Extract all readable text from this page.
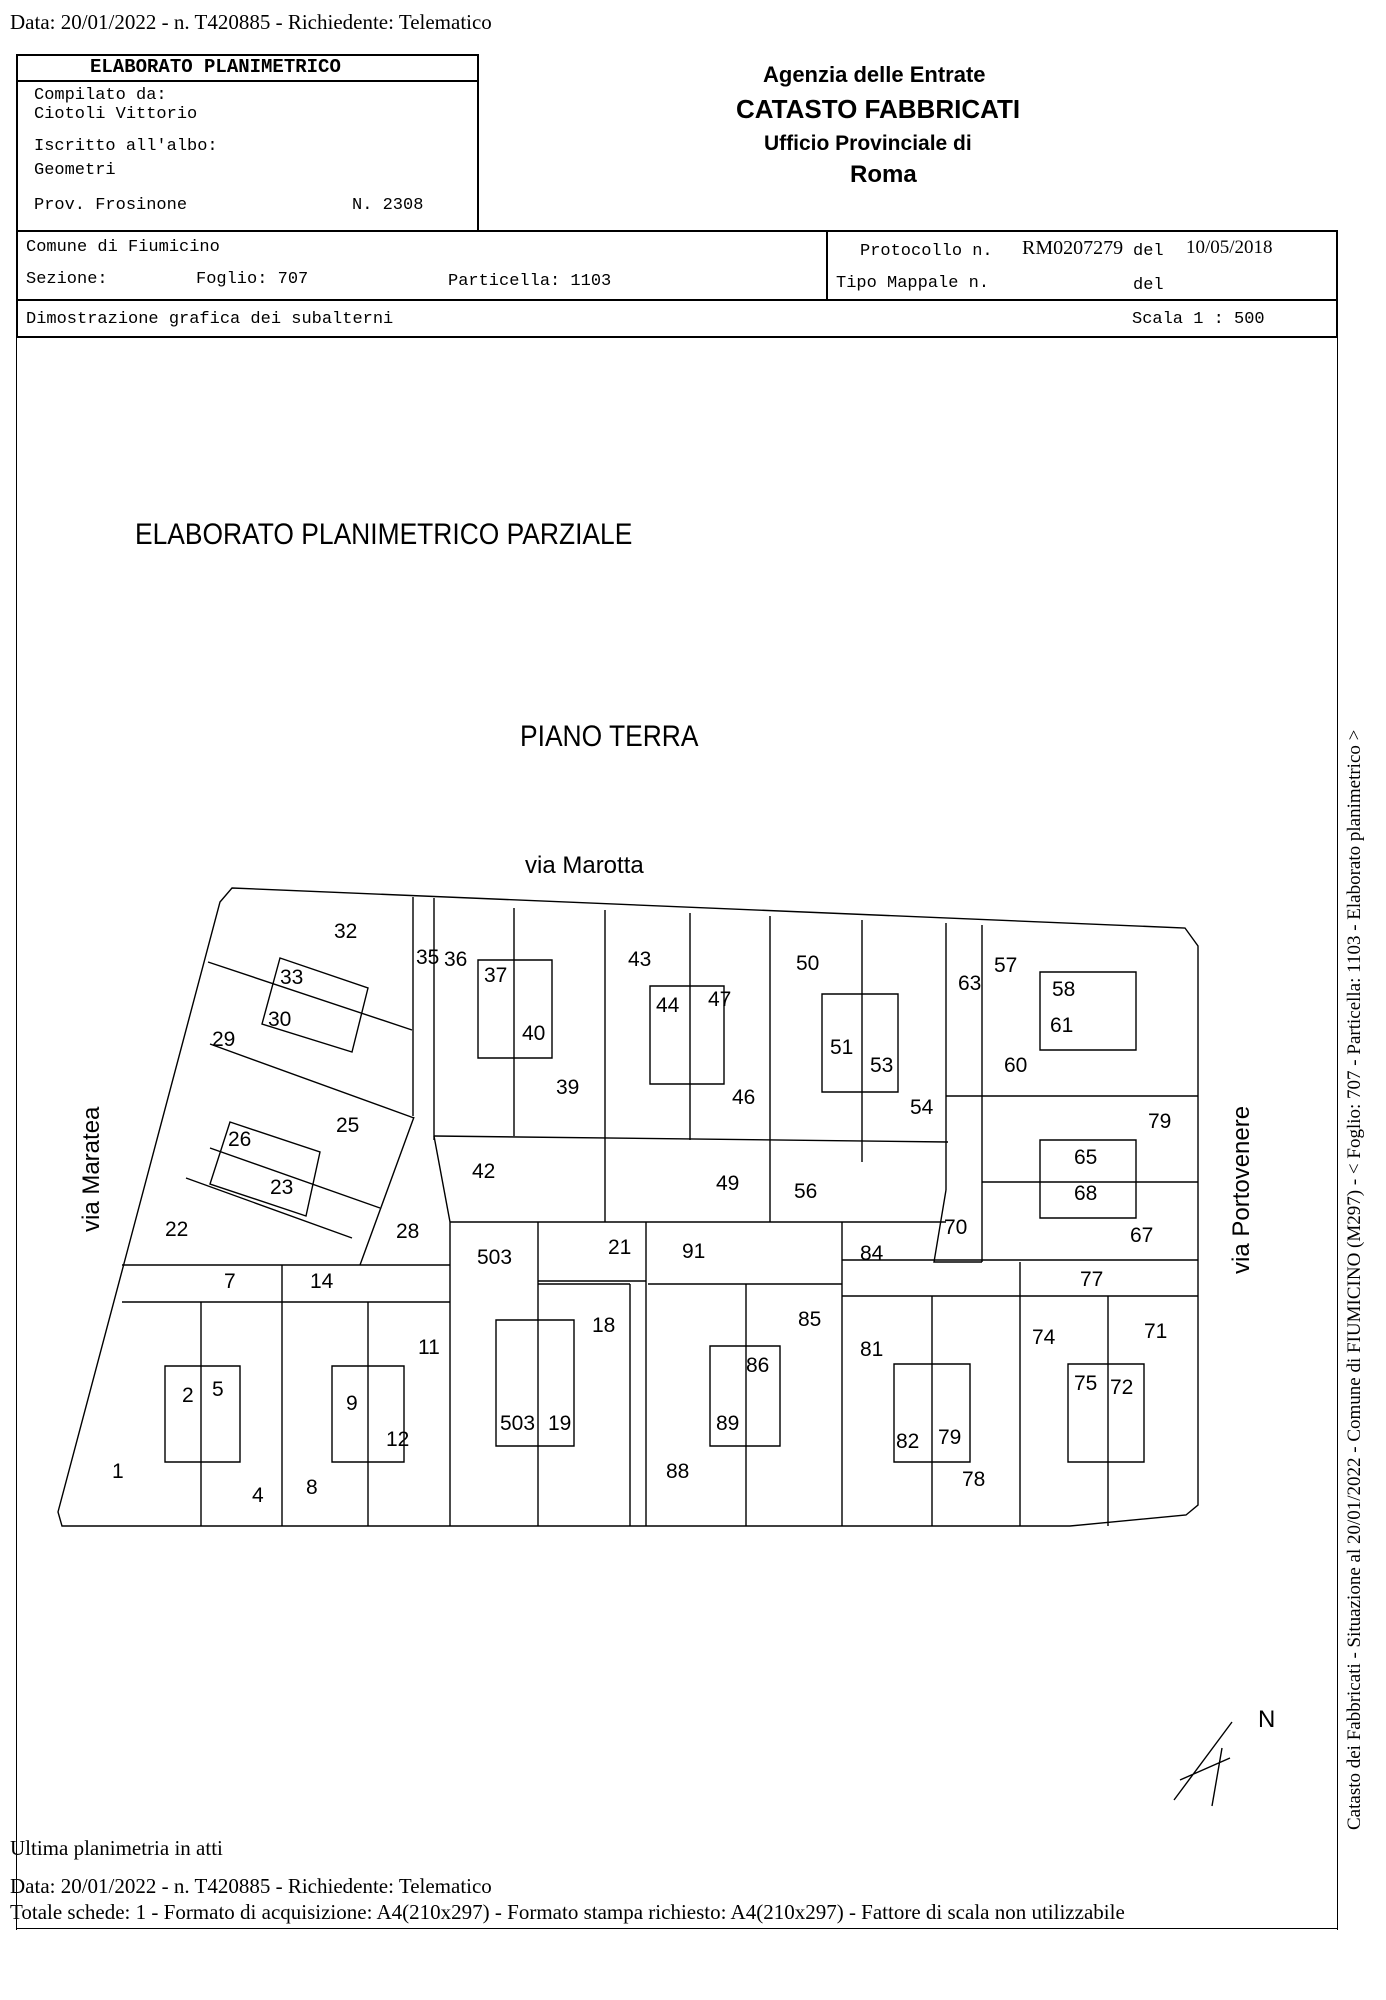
Data: 20/01/2022 - n. T420885 - Richiedente: Telematico
ELABORATO PLANIMETRICO
Compilato da:
Ciotoli Vittorio
Iscritto all'albo:
Geometri
Prov. Frosinone	N. 2308
Agenzia delle Entrate
CATASTO FABBRICATI
Ufficio Provinciale di
Roma
Comune di Fiumicino
Sezione:	Foglio: 707	Particella: 1103
Protocollo n. RM0207279 del 10/05/2018
Tipo Mappale n.	del
Dimostrazione grafica dei subalterni	Scala 1 : 500
ELABORATO PLANIMETRICO PARZIALE
PIANO TERRA
via Marotta
via Maratea	via Portovenere
N
1
2
4
5
7
8
9
11
12
14
18
19
21
22
23
25
26
28
29
30
32
33
35 36
37
39
40
42
43
44
46
47
49
50
51
53
54
56
57
58
60
61
63
65
67
68
70
71
72
74
75
77
78
79
81
82
84
85
86
88
89
91
503
503
79	Catasto dei Fabbricati - Situazione al 20/01/2022 - Comune di FIUMICINO (M297) - < Foglio: 707 - Particella: 1103 - Elaborato planimetrico >
Ultima planimetria in atti
Data: 20/01/2022 - n. T420885 - Richiedente: Telematico
Totale schede: 1 - Formato di acquisizione: A4(210x297) - Formato stampa richiesto: A4(210x297) - Fattore di scala non utilizzabile
